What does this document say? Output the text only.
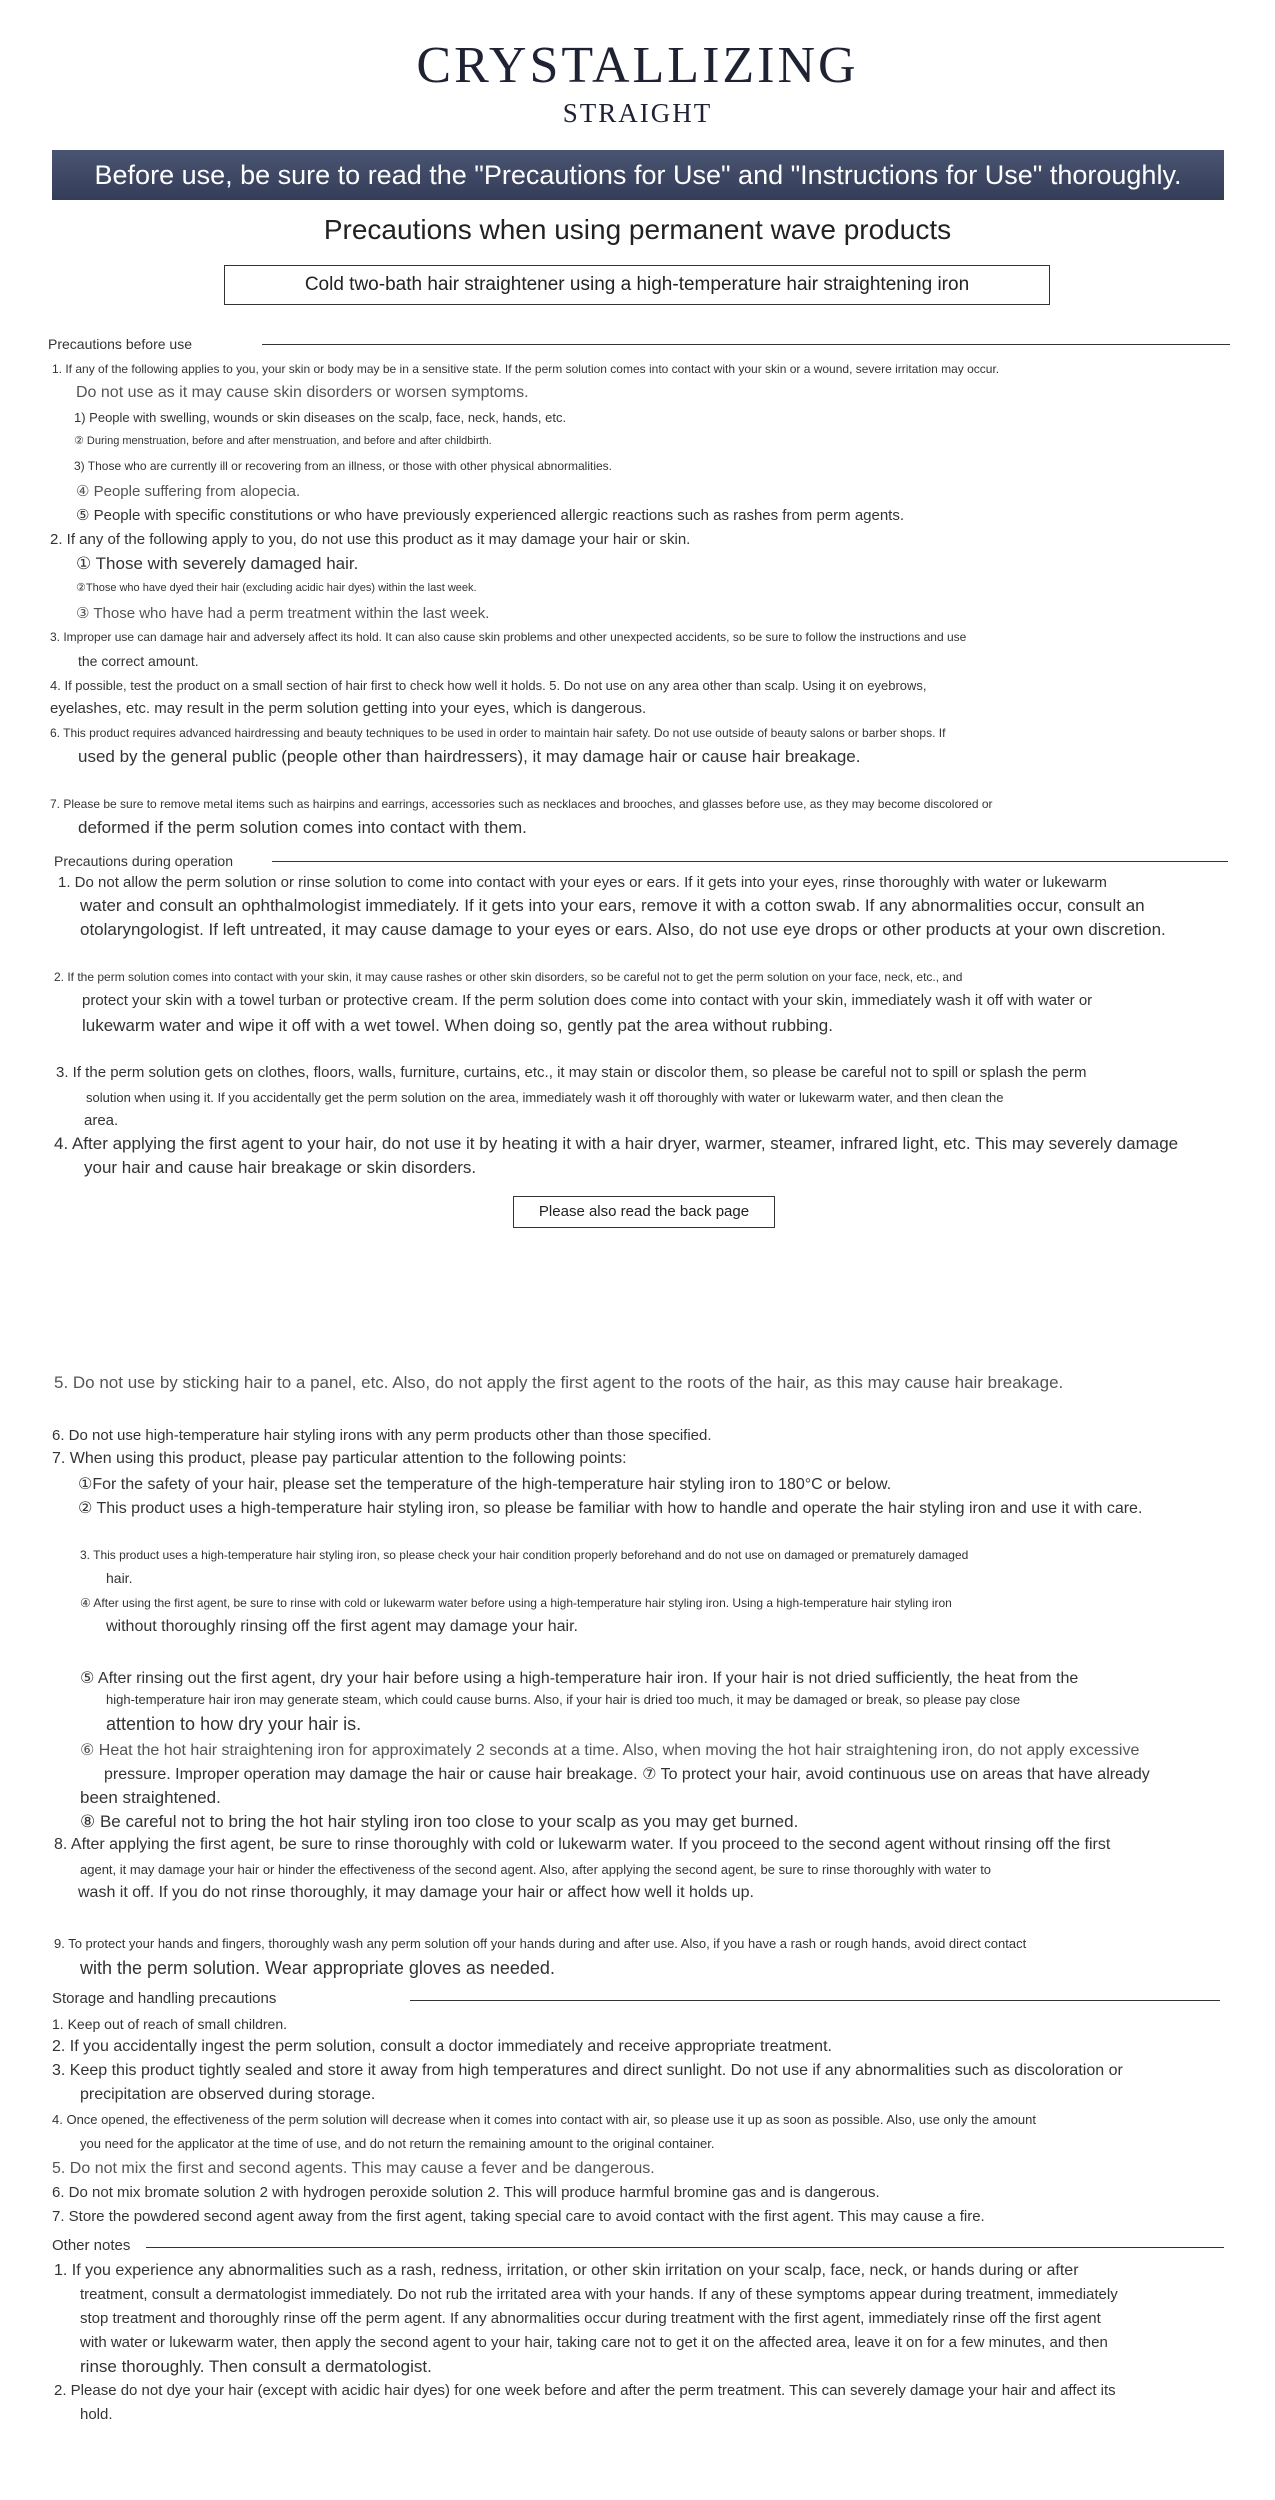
CRYSTALLIZING
STRAIGHT
Before use, be sure to read the "Precautions for Use" and "Instructions for Use" thoroughly.
Precautions when using permanent wave products
Cold two-bath hair straightener using a high-temperature hair straightening iron
Precautions before use
1. If any of the following applies to you, your skin or body may be in a sensitive state. If the perm solution comes into contact with your skin or a wound, severe irritation may occur.
Do not use as it may cause skin disorders or worsen symptoms.
1) People with swelling, wounds or skin diseases on the scalp, face, neck, hands, etc.
② During menstruation, before and after menstruation, and before and after childbirth.
3) Those who are currently ill or recovering from an illness, or those with other physical abnormalities.
④ People suffering from alopecia.
⑤ People with specific constitutions or who have previously experienced allergic reactions such as rashes from perm agents.
2. If any of the following apply to you, do not use this product as it may damage your hair or skin.
① Those with severely damaged hair.
②Those who have dyed their hair (excluding acidic hair dyes) within the last week.
③ Those who have had a perm treatment within the last week.
3. Improper use can damage hair and adversely affect its hold. It can also cause skin problems and other unexpected accidents, so be sure to follow the instructions and use
the correct amount.
4. If possible, test the product on a small section of hair first to check how well it holds. 5. Do not use on any area other than scalp. Using it on eyebrows,
eyelashes, etc. may result in the perm solution getting into your eyes, which is dangerous.
6. This product requires advanced hairdressing and beauty techniques to be used in order to maintain hair safety. Do not use outside of beauty salons or barber shops. If
used by the general public (people other than hairdressers), it may damage hair or cause hair breakage.
7. Please be sure to remove metal items such as hairpins and earrings, accessories such as necklaces and brooches, and glasses before use, as they may become discolored or
deformed if the perm solution comes into contact with them.
Precautions during operation
1. Do not allow the perm solution or rinse solution to come into contact with your eyes or ears. If it gets into your eyes, rinse thoroughly with water or lukewarm
water and consult an ophthalmologist immediately. If it gets into your ears, remove it with a cotton swab. If any abnormalities occur, consult an
otolaryngologist. If left untreated, it may cause damage to your eyes or ears. Also, do not use eye drops or other products at your own discretion.
2. If the perm solution comes into contact with your skin, it may cause rashes or other skin disorders, so be careful not to get the perm solution on your face, neck, etc., and
protect your skin with a towel turban or protective cream. If the perm solution does come into contact with your skin, immediately wash it off with water or
lukewarm water and wipe it off with a wet towel. When doing so, gently pat the area without rubbing.
3. If the perm solution gets on clothes, floors, walls, furniture, curtains, etc., it may stain or discolor them, so please be careful not to spill or splash the perm
solution when using it. If you accidentally get the perm solution on the area, immediately wash it off thoroughly with water or lukewarm water, and then clean the
area.
4. After applying the first agent to your hair, do not use it by heating it with a hair dryer, warmer, steamer, infrared light, etc. This may severely damage
your hair and cause hair breakage or skin disorders.
Please also read the back page
5. Do not use by sticking hair to a panel, etc. Also, do not apply the first agent to the roots of the hair, as this may cause hair breakage.
6. Do not use high-temperature hair styling irons with any perm products other than those specified.
7. When using this product, please pay particular attention to the following points:
①For the safety of your hair, please set the temperature of the high-temperature hair styling iron to 180°C or below.
② This product uses a high-temperature hair styling iron, so please be familiar with how to handle and operate the hair styling iron and use it with care.
3. This product uses a high-temperature hair styling iron, so please check your hair condition properly beforehand and do not use on damaged or prematurely damaged
hair.
④ After using the first agent, be sure to rinse with cold or lukewarm water before using a high-temperature hair styling iron. Using a high-temperature hair styling iron
without thoroughly rinsing off the first agent may damage your hair.
⑤ After rinsing out the first agent, dry your hair before using a high-temperature hair iron. If your hair is not dried sufficiently, the heat from the
high-temperature hair iron may generate steam, which could cause burns. Also, if your hair is dried too much, it may be damaged or break, so please pay close
attention to how dry your hair is.
⑥ Heat the hot hair straightening iron for approximately 2 seconds at a time. Also, when moving the hot hair straightening iron, do not apply excessive
pressure. Improper operation may damage the hair or cause hair breakage. ⑦ To protect your hair, avoid continuous use on areas that have already
been straightened.
⑧ Be careful not to bring the hot hair styling iron too close to your scalp as you may get burned.
8. After applying the first agent, be sure to rinse thoroughly with cold or lukewarm water. If you proceed to the second agent without rinsing off the first
agent, it may damage your hair or hinder the effectiveness of the second agent. Also, after applying the second agent, be sure to rinse thoroughly with water to
wash it off. If you do not rinse thoroughly, it may damage your hair or affect how well it holds up.
9. To protect your hands and fingers, thoroughly wash any perm solution off your hands during and after use. Also, if you have a rash or rough hands, avoid direct contact
with the perm solution. Wear appropriate gloves as needed.
Storage and handling precautions
1. Keep out of reach of small children.
2. If you accidentally ingest the perm solution, consult a doctor immediately and receive appropriate treatment.
3. Keep this product tightly sealed and store it away from high temperatures and direct sunlight. Do not use if any abnormalities such as discoloration or
precipitation are observed during storage.
4. Once opened, the effectiveness of the perm solution will decrease when it comes into contact with air, so please use it up as soon as possible. Also, use only the amount
you need for the applicator at the time of use, and do not return the remaining amount to the original container.
5. Do not mix the first and second agents. This may cause a fever and be dangerous.
6. Do not mix bromate solution 2 with hydrogen peroxide solution 2. This will produce harmful bromine gas and is dangerous.
7. Store the powdered second agent away from the first agent, taking special care to avoid contact with the first agent. This may cause a fire.
Other notes
1. If you experience any abnormalities such as a rash, redness, irritation, or other skin irritation on your scalp, face, neck, or hands during or after
treatment, consult a dermatologist immediately. Do not rub the irritated area with your hands. If any of these symptoms appear during treatment, immediately
stop treatment and thoroughly rinse off the perm agent. If any abnormalities occur during treatment with the first agent, immediately rinse off the first agent
with water or lukewarm water, then apply the second agent to your hair, taking care not to get it on the affected area, leave it on for a few minutes, and then
rinse thoroughly. Then consult a dermatologist.
2. Please do not dye your hair (except with acidic hair dyes) for one week before and after the perm treatment. This can severely damage your hair and affect its
hold.
